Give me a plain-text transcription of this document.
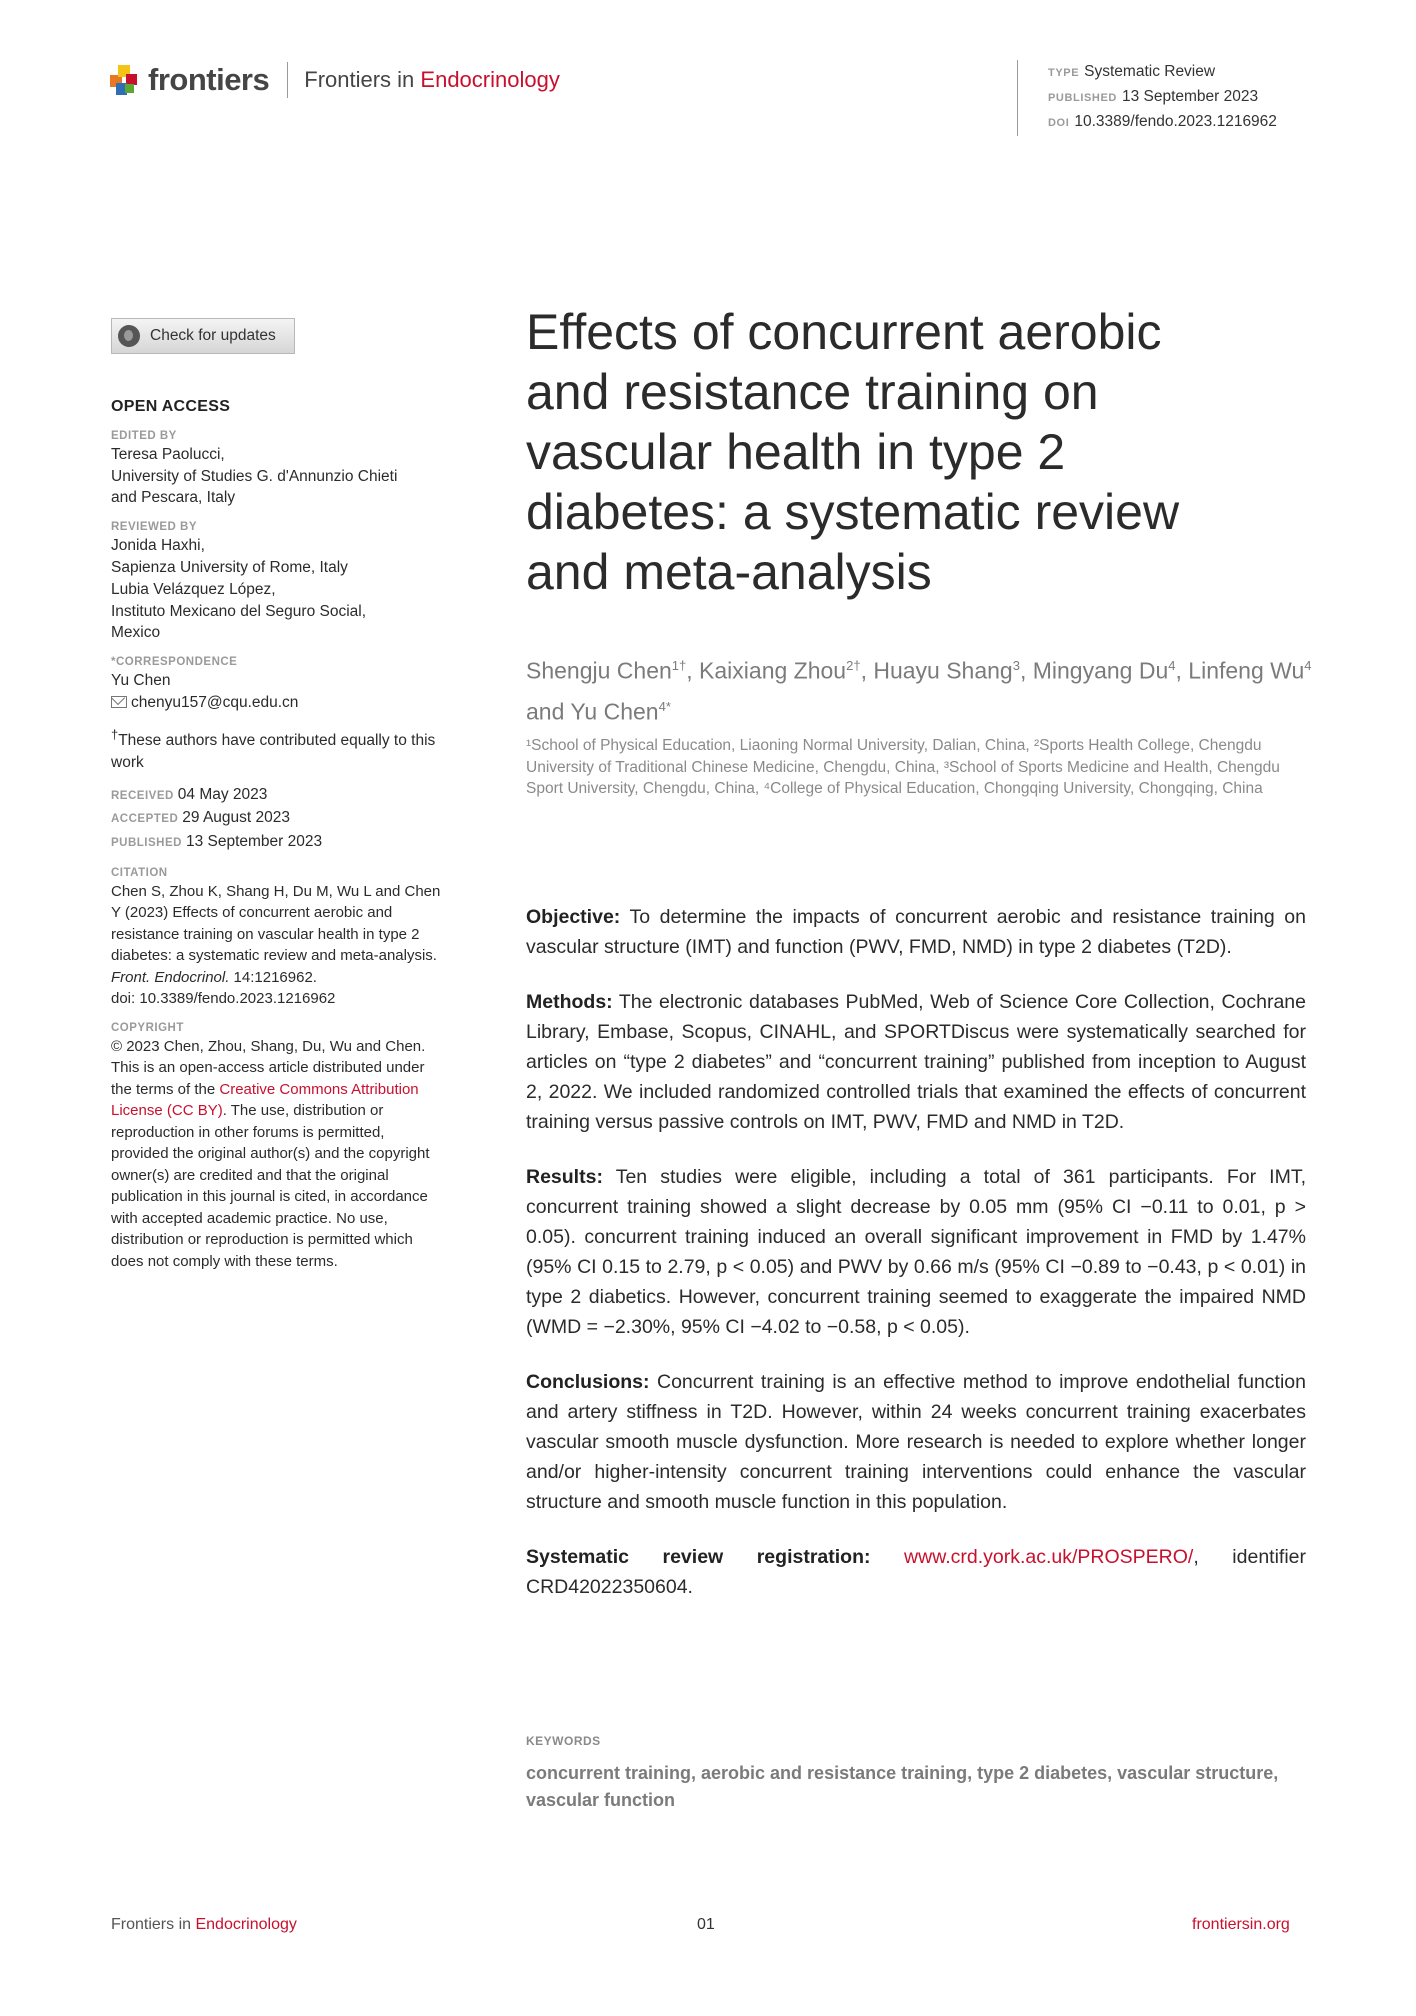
frontiers Frontiers in Endocrinology	TYPE Systematic Review
PUBLISHED 13 September 2023
DOI 10.3389/fendo.2023.1216962
Check for updates
OPEN ACCESS
EDITED BY
Teresa Paolucci,
University of Studies G. d'Annunzio Chieti
and Pescara, Italy
REVIEWED BY
Jonida Haxhi,
Sapienza University of Rome, Italy
Lubia Velázquez López,
Instituto Mexicano del Seguro Social,
Mexico
*CORRESPONDENCE
Yu Chen
chenyu157@cqu.edu.cn
†These authors have contributed equally to this work
RECEIVED 04 May 2023
ACCEPTED 29 August 2023
PUBLISHED 13 September 2023
CITATION
Chen S, Zhou K, Shang H, Du M, Wu L and Chen Y (2023) Effects of concurrent aerobic and resistance training on vascular health in type 2 diabetes: a systematic review and meta-analysis. Front. Endocrinol. 14:1216962.
doi: 10.3389/fendo.2023.1216962
COPYRIGHT
© 2023 Chen, Zhou, Shang, Du, Wu and Chen. This is an open-access article distributed under the terms of the Creative Commons Attribution License (CC BY). The use, distribution or reproduction in other forums is permitted, provided the original author(s) and the copyright owner(s) are credited and that the original publication in this journal is cited, in accordance with accepted academic practice. No use, distribution or reproduction is permitted which does not comply with these terms.
Effects of concurrent aerobic and resistance training on vascular health in type 2 diabetes: a systematic review and meta-analysis
Shengju Chen$^{1\dagger}$, Kaixiang Zhou$^{2\dagger}$, Huayu Shang$^3$, Mingyang Du$^4$, Linfeng Wu$^4$ and Yu Chen$^{4*}$
¹School of Physical Education, Liaoning Normal University, Dalian, China, ²Sports Health College, Chengdu University of Traditional Chinese Medicine, Chengdu, China, ³School of Sports Medicine and Health, Chengdu Sport University, Chengdu, China, ⁴College of Physical Education, Chongqing University, Chongqing, China

Objective: To determine the impacts of concurrent aerobic and resistance training on vascular structure (IMT) and function (PWV, FMD, NMD) in type 2 diabetes (T2D).

Methods: The electronic databases PubMed, Web of Science Core Collection, Cochrane Library, Embase, Scopus, CINAHL, and SPORTDiscus were systematically searched for articles on “type 2 diabetes” and “concurrent training” published from inception to August 2, 2022. We included randomized controlled trials that examined the effects of concurrent training versus passive controls on IMT, PWV, FMD and NMD in T2D.

Results: Ten studies were eligible, including a total of 361 participants. For IMT, concurrent training showed a slight decrease by 0.05 mm (95% CI −0.11 to 0.01, p > 0.05). concurrent training induced an overall significant improvement in FMD by 1.47% (95% CI 0.15 to 2.79, p < 0.05) and PWV by 0.66 m/s (95% CI −0.89 to −0.43, p < 0.01) in type 2 diabetics. However, concurrent training seemed to exaggerate the impaired NMD (WMD = −2.30%, 95% CI −4.02 to −0.58, p < 0.05).

Conclusions: Concurrent training is an effective method to improve endothelial function and artery stiffness in T2D. However, within 24 weeks concurrent training exacerbates vascular smooth muscle dysfunction. More research is needed to explore whether longer and/or higher-intensity concurrent training interventions could enhance the vascular structure and smooth muscle function in this population.

Systematic review registration: www.crd.york.ac.uk/PROSPERO/, identifier CRD42022350604.

KEYWORDS
concurrent training, aerobic and resistance training, type 2 diabetes, vascular structure, vascular function
Frontiers in Endocrinology	01	frontiersin.org
